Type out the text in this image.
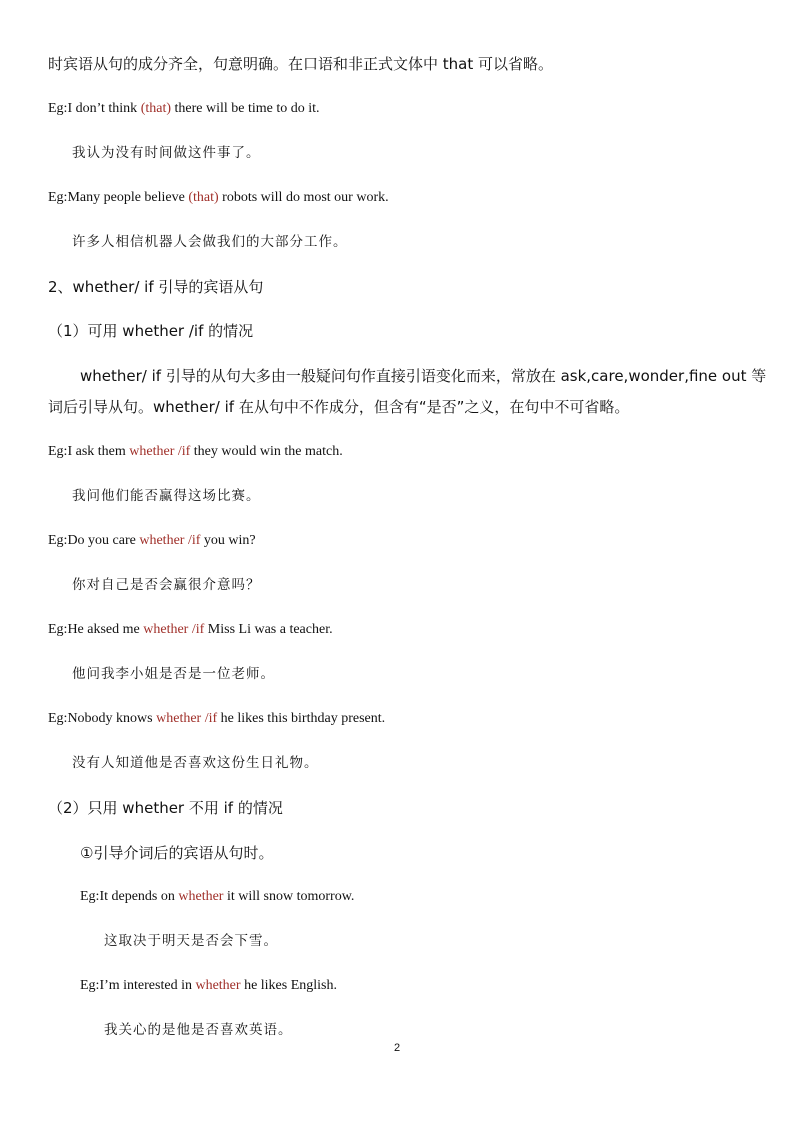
时宾语从句的成分齐全，句意明确。在口语和非正式文体中 that 可以省略。
Eg:I don’t think (that) there will be time to do it.
我认为没有时间做这件事了。
Eg:Many people believe (that) robots will do most our work.
许多人相信机器人会做我们的大部分工作。
2、whether/ if 引导的宾语从句
（1）可用 whether /if 的情况
whether/ if 引导的从句大多由一般疑问句作直接引语变化而来，常放在 ask,care,wonder,fine out 等
词后引导从句。whether/ if 在从句中不作成分，但含有“是否”之义，在句中不可省略。
Eg:I ask them whether /if they would win the match.
我问他们能否赢得这场比赛。
Eg:Do you care whether /if you win?
你对自己是否会赢很介意吗？
Eg:He aksed me whether /if Miss Li was a teacher.
他问我李小姐是否是一位老师。
Eg:Nobody knows whether /if he likes this birthday present.
没有人知道他是否喜欢这份生日礼物。
（2）只用 whether 不用 if 的情况
①引导介词后的宾语从句时。
Eg:It depends on whether it will snow tomorrow.
这取决于明天是否会下雪。
Eg:I’m interested in whether he likes English.
我关心的是他是否喜欢英语。
2
